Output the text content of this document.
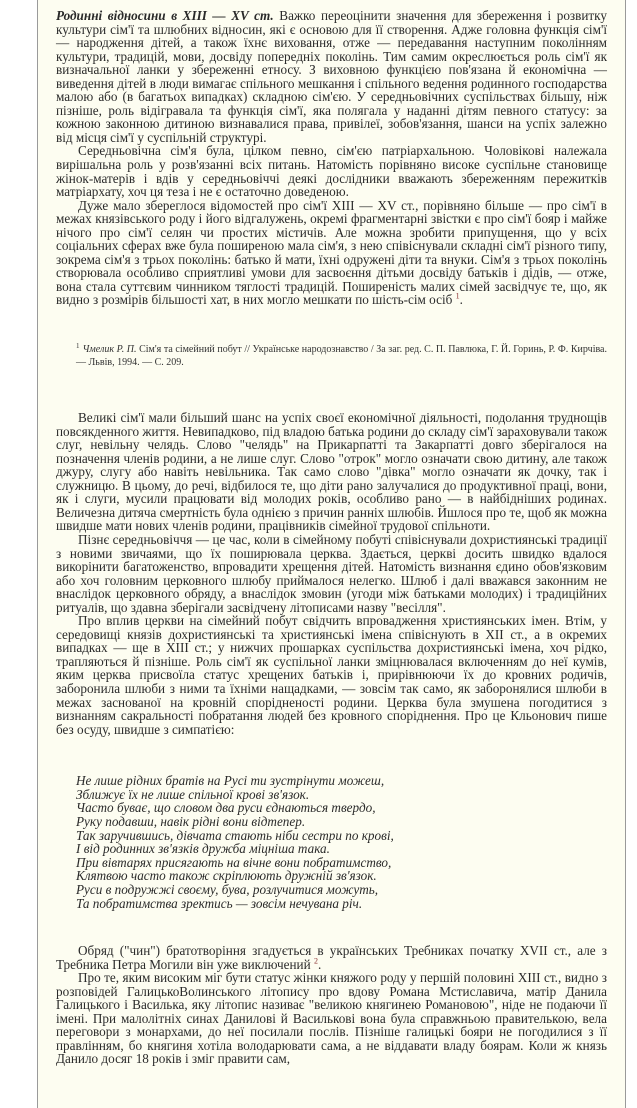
Родинні відносини в XIII — XV ст. Важко переоцінити значення для збереження і розвитку культури сім'ї та шлюбних відносин, які є основою для її створення. Адже головна функція сім'ї — народження дітей, а також їхнє виховання, отже — передавання наступним поколінням культури, традицій, мови, досвіду попередніх поколінь. Тим самим окреслюється роль сім'ї як визначальної ланки у збереженні етносу. З виховною функцією пов'язана й економічна — виведення дітей в люди вимагає спільного мешкання і спільного ведення родинного господарства малою або (в багатьох випадках) складною сім'єю. У середньовічних суспільствах більшу, ніж пізніше, роль відігравала та функція сім'ї, яка полягала у наданні дітям певного статусу: за кожною законною дитиною визнавалися права, привілеї, зобов'язання, шанси на успіх залежно від місця сім'ї у суспільній структурі.

Середньовічна сім'я була, цілком певно, сім'єю патріархальною. Чоловікові належала вирішальна роль у розв'язанні всіх питань. Натомість порівняно високе суспільне становище жінок-матерів і вдів у середньовіччі деякі дослідники вважають збереженням пережитків матріархату, хоч ця теза і не є остаточно доведеною.

Дуже мало збереглося відомостей про сім'ї XIII — XV ст., порівняно більше — про сім'ї в межах князівського роду і його відгалужень, окремі фрагментарні звістки є про сім'ї бояр і майже нічого про сім'ї селян чи простих містичів. Але можна зробити припущення, що у всіх соціальних сферах вже була поширеною мала сім'я, з нею співіснували складні сім'ї різного типу, зокрема сім'я з трьох поколінь: батько й мати, їхні одружені діти та внуки. Сім'я з трьох поколінь створювала особливо сприятливі умови для засвоєння дітьми досвіду батьків і дідів, — отже, вона стала суттєвим чинником тяглості традицій. Поширеність малих сімей засвідчує те, що, як видно з розмірів більшості хат, в них могло мешкати по шість-сім осіб $^1$.

$^1$ Чмелик Р. П. Сім'я та сімейний побут // Українське народознавство / За заг. ред. С. П. Павлюка, Г. Й. Горинь, Р. Ф. Кирчіва. — Львів, 1994. — С. 209.

Великі сім'ї мали більший шанс на успіх своєї економічної діяльності, подолання труднощів повсякденного життя. Невипадково, під владою батька родини до складу сім'ї зараховували також слуг, невільну челядь. Слово "челядь" на Прикарпатті та Закарпатті довго зберігалося на позначення членів родини, а не лише слуг. Слово "отрок" могло означати свою дитину, але також джуру, слугу або навіть невільника. Так само слово "дівка" могло означати як дочку, так і служницю. В цьому, до речі, відбилося те, що діти рано залучалися до продуктивної праці, вони, як і слуги, мусили працювати від молодих років, особливо рано — в найбідніших родинах. Величезна дитяча смертність була однією з причин ранніх шлюбів. Йшлося про те, щоб як можна швидше мати нових членів родини, працівників сімейної трудової спільноти.

Пізнє середньовіччя — це час, коли в сімейному побуті співіснували дохристиянські традиції з новими звичаями, що їх поширювала церква. Здається, церкві досить швидко вдалося викорінити багатоженство, впровадити хрещення дітей. Натомість визнання єдино обов'язковим або хоч головним церковного шлюбу приймалося нелегко. Шлюб і далі вважався законним не внаслідок церковного обряду, а внаслідок змовин (угоди між батьками молодих) і традиційних ритуалів, що здавна зберігали засвідчену літописами назву "весілля".

Про вплив церкви на сімейний побут свідчить впровадження християнських імен. Втім, у середовищі князів дохристиянські та християнські імена співіснують в XII ст., а в окремих випадках — ще в XIII ст.; у нижчих прошарках суспільства дохристиянські імена, хоч рідко, трапляються й пізніше. Роль сім'ї як суспільної ланки зміцнювалася включенням до неї кумів, яким церква присвоїла статус хрещених батьків і, прирівнюючи їх до кровних родичів, заборонила шлюби з ними та їхніми нащадками, — зовсім так само, як заборонялися шлюби в межах заснованої на кровній спорідненості родини. Церква була змушена погодитися з визнанням сакральності побратання людей без кровного споріднення. Про це Кльонович пише без осуду, швидше з симпатією:

Не лише рідних братів на Русі ти зустрінути можеш,
Зближує їх не лише спільної крові зв'язок.
Часто буває, що словом два руси єднаються твердо,
Руку подавши, навік рідні вони відтепер.
Так заручившись, дівчата стають ніби сестри по крові,
І від родинних зв'язків дружба міцніша така.
При вівтарях присягають на вічне вони побратимство,
Клятвою часто також скріплюють дружній зв'язок.
Руси в подружжі своєму, бува, розлучитися можуть,
Та побратимства зректись — зовсім нечувана річ.

Обряд ("чин") братотворіння згадується в українських Требниках початку XVII ст., але з Требника Петра Могили він уже виключений $^2$.

Про те, яким високим міг бути статус жінки княжого роду у першій половині XIII ст., видно з розповідей ГалицькоВолинського літопису про вдову Романа Мстиславича, матір Данила Галицького і Василька, яку літопис називає "великою княгинею Романовою", ніде не подаючи її імені. При малолітніх синах Данилові й Василькові вона була справжньою правителькою, вела переговори з монархами, до неї посилали послів. Пізніше галицькі бояри не погодилися з її правлінням, бо княгиня хотіла володарювати сама, а не віддавати владу боярам. Коли ж князь Данило досяг 18 років і зміг правити сам,
